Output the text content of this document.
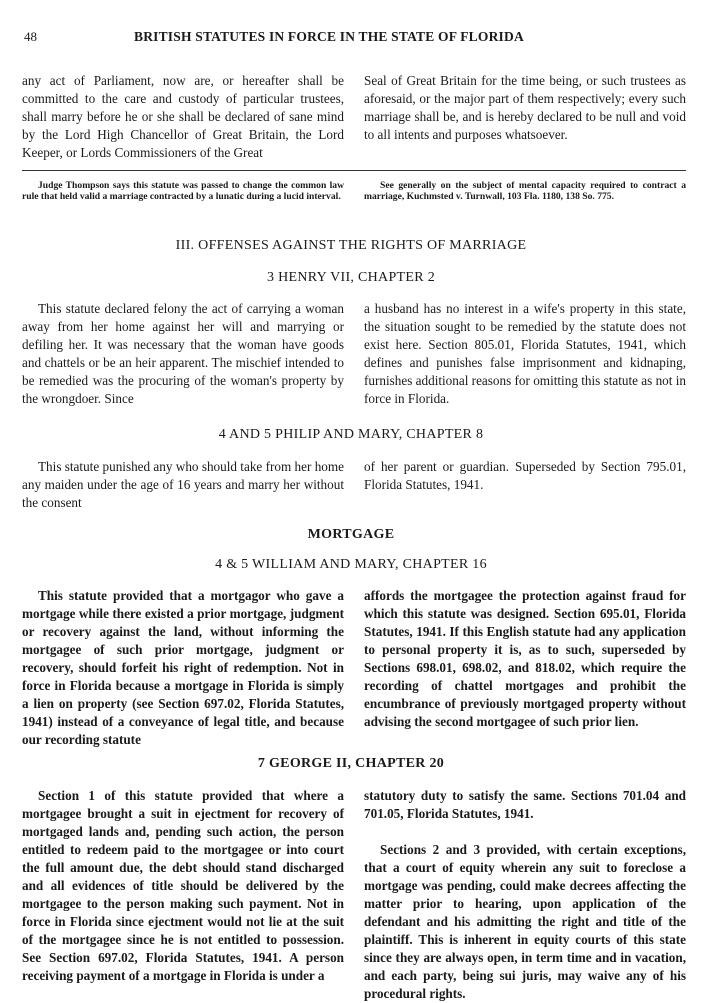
48	BRITISH STATUTES IN FORCE IN THE STATE OF FLORIDA

any act of Parliament, now are, or hereafter shall be committed to the care and custody of particular trustees, shall marry before he or she shall be declared of sane mind by the Lord High Chancellor of Great Britain, the Lord Keeper, or Lords Commissioners of the Great

Seal of Great Britain for the time being, or such trustees as aforesaid, or the major part of them respectively; every such marriage shall be, and is hereby declared to be null and void to all intents and purposes whatsoever.

Judge Thompson says this statute was passed to change the common law rule that held valid a marriage contracted by a lunatic during a lucid interval.

See generally on the subject of mental capacity required to contract a marriage, Kuchmsted v. Turnwall, 103 Fla. 1180, 138 So. 775.

III. OFFENSES AGAINST THE RIGHTS OF MARRIAGE
3 HENRY VII, CHAPTER 2

This statute declared felony the act of carrying a woman away from her home against her will and marrying or defiling her. It was necessary that the woman have goods and chattels or be an heir apparent. The mischief intended to be remedied was the procuring of the woman's property by the wrongdoer. Since

a husband has no interest in a wife's property in this state, the situation sought to be remedied by the statute does not exist here. Section 805.01, Florida Statutes, 1941, which defines and punishes false imprisonment and kidnaping, furnishes additional reasons for omitting this statute as not in force in Florida.

4 AND 5 PHILIP AND MARY, CHAPTER 8

This statute punished any who should take from her home any maiden under the age of 16 years and marry her without the consent

of her parent or guardian. Superseded by Section 795.01, Florida Statutes, 1941.

MORTGAGE
4 & 5 WILLIAM AND MARY, CHAPTER 16

This statute provided that a mortgagor who gave a mortgage while there existed a prior mortgage, judgment or recovery against the land, without informing the mortgagee of such prior mortgage, judgment or recovery, should forfeit his right of redemption. Not in force in Florida because a mortgage in Florida is simply a lien on property (see Section 697.02, Florida Statutes, 1941) instead of a conveyance of legal title, and because our recording statute

affords the mortgagee the protection against fraud for which this statute was designed. Section 695.01, Florida Statutes, 1941. If this English statute had any application to personal property it is, as to such, superseded by Sections 698.01, 698.02, and 818.02, which require the recording of chattel mortgages and prohibit the encumbrance of previously mortgaged property without advising the second mortgagee of such prior lien.

7 GEORGE II, CHAPTER 20

Section 1 of this statute provided that where a mortgagee brought a suit in ejectment for recovery of mortgaged lands and, pending such action, the person entitled to redeem paid to the mortgagee or into court the full amount due, the debt should stand discharged and all evidences of title should be delivered by the mortgagee to the person making such payment. Not in force in Florida since ejectment would not lie at the suit of the mortgagee since he is not entitled to possession. See Section 697.02, Florida Statutes, 1941. A person receiving payment of a mortgage in Florida is under a

statutory duty to satisfy the same. Sections 701.04 and 701.05, Florida Statutes, 1941.

Sections 2 and 3 provided, with certain exceptions, that a court of equity wherein any suit to foreclose a mortgage was pending, could make decrees affecting the matter prior to hearing, upon application of the defendant and his admitting the right and title of the plaintiff. This is inherent in equity courts of this state since they are always open, in term time and in vacation, and each party, being sui juris, may waive any of his procedural rights.
